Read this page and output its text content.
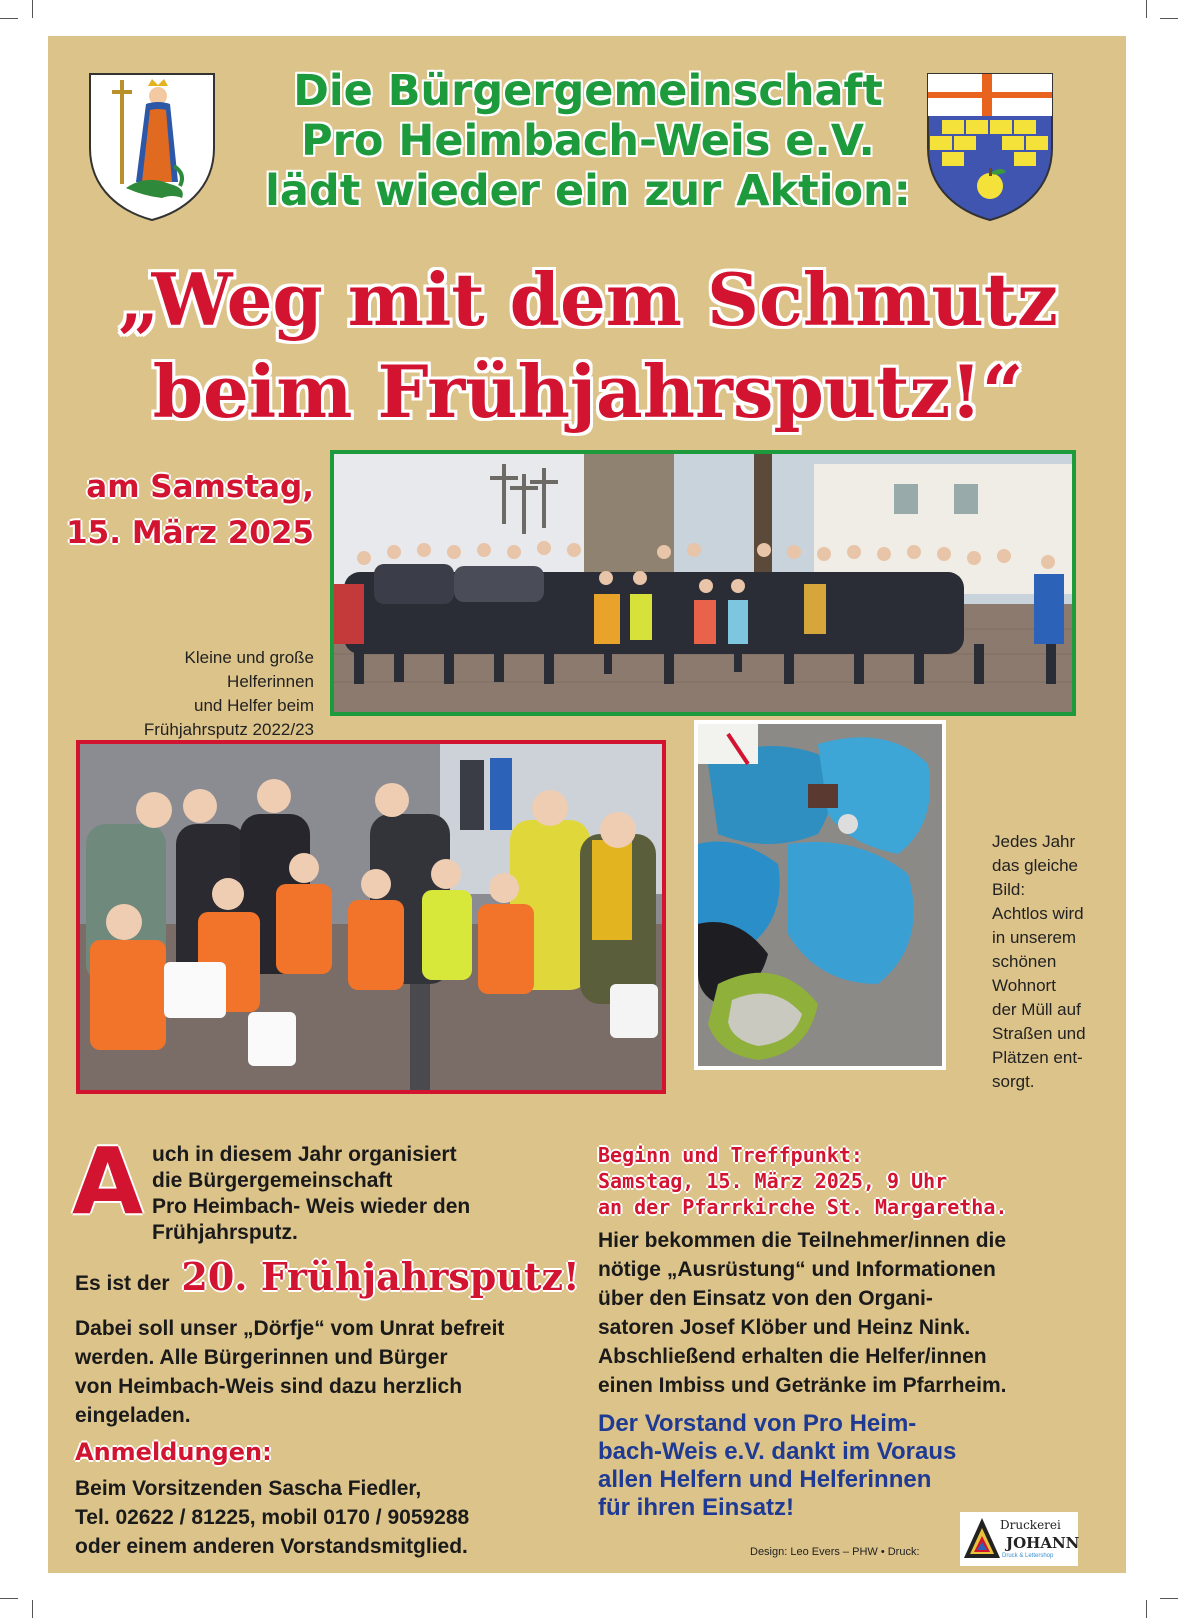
Die Bürgergemeinschaft
Pro Heimbach-Weis e.V.
lädt wieder ein zur Aktion:
„Weg mit dem Schmutz
beim Frühjahrsputz!“
am Samstag,
15. März 2025
Kleine und große
Helferinnen
und Helfer beim
Frühjahrsputz 2022/23
Jedes Jahr
das gleiche
Bild:
Achtlos wird
in unserem
schönen
Wohnort
der Müll auf
Straßen und
Plätzen ent-
sorgt.
A uch in diesem Jahr organisiert
die Bürgergemeinschaft
Pro Heimbach- Weis wieder den
Frühjahrsputz.
Es ist der 20. Frühjahrsputz!
Dabei soll unser „Dörfje“ vom Unrat befreit
werden. Alle Bürgerinnen und Bürger
von Heimbach-Weis sind dazu herzlich
eingeladen.
Anmeldungen:
Beim Vorsitzenden Sascha Fiedler,
Tel. 02622 / 81225, mobil 0170 / 9059288
oder einem anderen Vorstandsmitglied.
Beginn und Treffpunkt:
Samstag, 15. März 2025, 9 Uhr
an der Pfarrkirche St. Margaretha.
Hier bekommen die Teilnehmer/innen die
nötige „Ausrüstung“ und Informationen
über den Einsatz von den Organi-
satoren Josef Klöber und Heinz Nink.
Abschließend erhalten die Helfer/innen
einen Imbiss und Getränke im Pfarrheim.
Der Vorstand von Pro Heim-
bach-Weis e.V. dankt im Voraus
allen Helfern und Helferinnen
für ihren Einsatz!
Design: Leo Evers – PHW • Druck:
Druckerei
JOHANN
Druck & Lettershop
